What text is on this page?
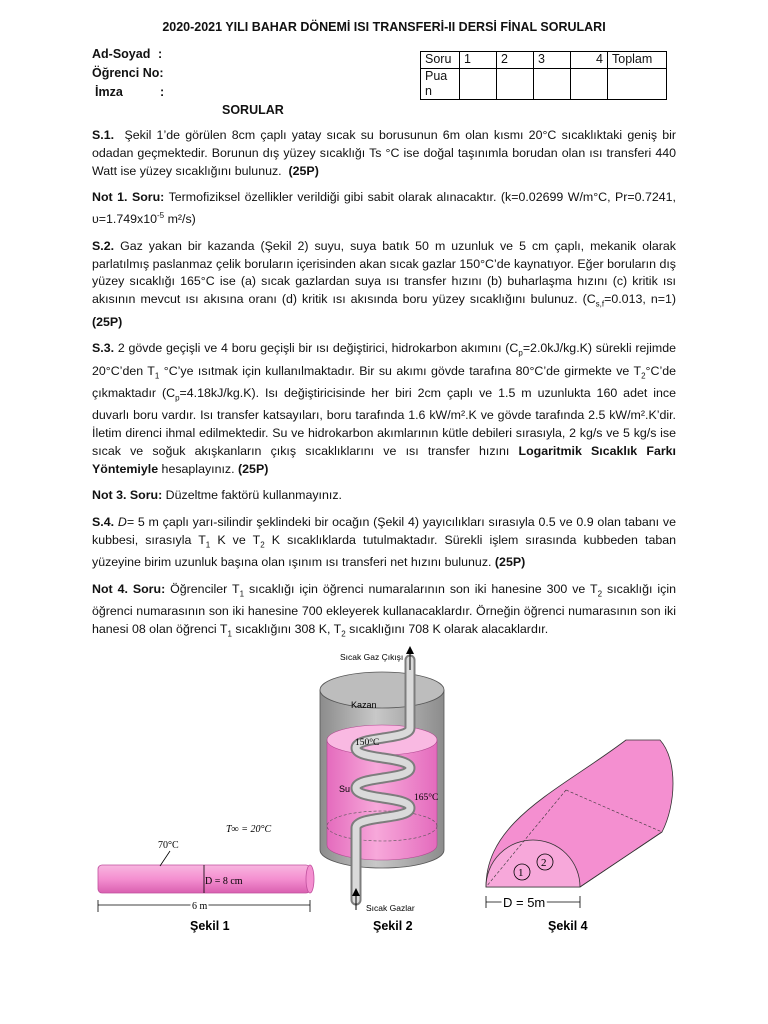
2020-2021 YILI BAHAR DÖNEMİ ISI TRANSFERİ-II DERSİ FİNAL SORULARI
Ad-Soyad :
Öğrenci No:
İmza	:
SORULAR
Soru	1	2	3	4	Toplam
Pua
n					

S.1. Şekil 1’de görülen 8cm çaplı yatay sıcak su borusunun 6m olan kısmı 20°C sıcaklıktaki geniş bir odadan geçmektedir. Borunun dış yüzey sıcaklığı Ts °C ise doğal taşınımla borudan olan ısı transferi 440 Watt ise yüzey sıcaklığını bulunuz. (25P)

Not 1. Soru: Termofiziksel özellikler verildiği gibi sabit olarak alınacaktır. (k=0.02699 W/m°C, Pr=0.7241, $\upsilon=1.749x10^{-5}$ m²/s)

S.2. Gaz yakan bir kazanda (Şekil 2) suyu, suya batık 50 m uzunluk ve 5 cm çaplı, mekanik olarak parlatılmış paslanmaz çelik boruların içerisinden akan sıcak gazlar 150°C’de kaynatıyor. Eğer boruların dış yüzey sıcaklığı 165°C ise (a) sıcak gazlardan suya ısı transfer hızını (b) buharlaşma hızını (c) kritik ısı akısının mevcut ısı akısına oranı (d) kritik ısı akısında boru yüzey sıcaklığını bulunuz. ($C_{s,f}=0.013$, n=1) (25P)

S.3. 2 gövde geçişli ve 4 boru geçişli bir ısı değiştirici, hidrokarbon akımını $(C_p=2.0kJ/kg.K)$ sürekli rejimde 20°C’den $T_1$ °C’ye ısıtmak için kullanılmaktadır. Bir su akımı gövde tarafına 80°C’de girmekte ve $T_2^\circ C’de$ çıkmaktadır $(C_p=4.18kJ/kg.K)$. Isı değiştiricisinde her biri 2cm çaplı ve 1.5 m uzunlukta 160 adet ince duvarlı boru vardır. Isı transfer katsayıları, boru tarafında 1.6 kW/m².K ve gövde tarafında 2.5 kW/m².K’dir. İletim direnci ihmal edilmektedir. Su ve hidrokarbon akımlarının kütle debileri sırasıyla, 2 kg/s ve 5 kg/s ise sıcak ve soğuk akışkanların çıkış sıcaklıklarını ve ısı transfer hızını Logaritmik Sıcaklık Farkı Yöntemiyle hesaplayınız. (25P)

Not 3. Soru: Düzeltme faktörü kullanmayınız.

S.4. D= 5 m çaplı yarı-silindir şeklindeki bir ocağın (Şekil 4) yayıcılıkları sırasıyla 0.5 ve 0.9 olan tabanı ve kubbesi, sırasıyla $T_1$ K ve $T_2$ K sıcaklıklarda tutulmaktadır. Sürekli işlem sırasında kubbeden taban yüzeyine birim uzunluk başına olan ışınım ısı transferi net hızını bulunuz. (25P)

Not 4. Soru: Öğrenciler $T_1$ sıcaklığı için öğrenci numaralarının son iki hanesine 300 ve $T_2$ sıcaklığı için öğrenci numarasının son iki hanesine 700 ekleyerek kullanacaklardır. Örneğin öğrenci numarasının son iki hanesi 08 olan öğrenci $T_1$ sıcaklığını 308 K, $T_2$ sıcaklığını 708 K olarak alacaklardır.

T∞ = 20°C
70°C
D = 8 cm
6 m
Şekil 1
Sıcak Gaz Çıkışı
Kazan
150°C
Su
165°C
Sıcak Gazlar
Şekil 2
1
2
D = 5m
Şekil 4
